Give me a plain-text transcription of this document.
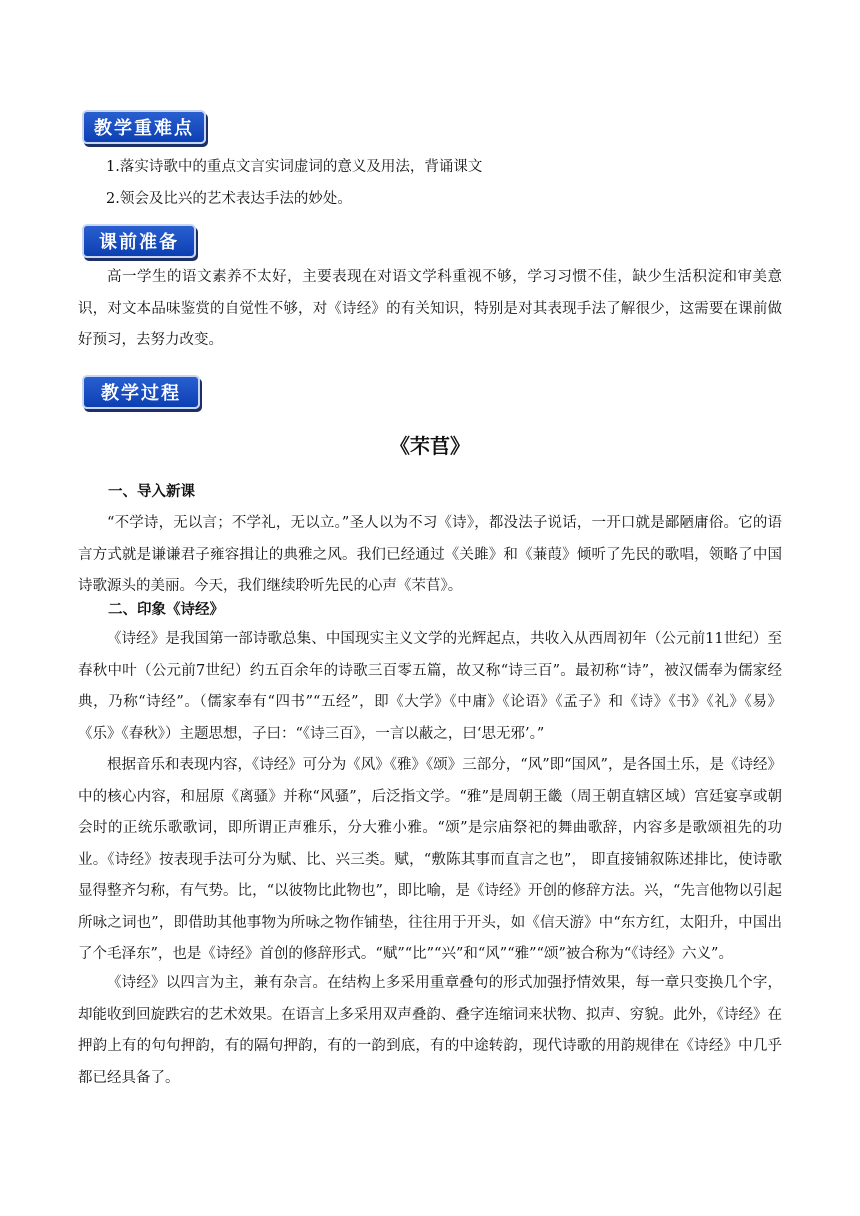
教学重难点
1.落实诗歌中的重点文言实词虚词的意义及用法，背诵课文
2.领会及比兴的艺术表达手法的妙处。
课前准备
高一学生的语文素养不太好，主要表现在对语文学科重视不够，学习习惯不佳，缺少生活积淀和审美意识，对文本品味鉴赏的自觉性不够，对《诗经》的有关知识，特别是对其表现手法了解很少，这需要在课前做好预习，去努力改变。
教学过程
《芣苢》
一、导入新课
“不学诗，无以言；不学礼，无以立。”圣人以为不习《诗》，都没法子说话，一开口就是鄙陋庸俗。它的语言方式就是谦谦君子雍容揖让的典雅之风。我们已经通过《关雎》和《蒹葭》倾听了先民的歌唱，领略了中国诗歌源头的美丽。今天，我们继续聆听先民的心声《芣苢》。
二、印象《诗经》
《诗经》是我国第一部诗歌总集、中国现实主义文学的光辉起点，共收入从西周初年（公元前11世纪）至春秋中叶（公元前7世纪）约五百余年的诗歌三百零五篇，故又称“诗三百”。最初称“诗”，被汉儒奉为儒家经典，乃称“诗经”。（儒家奉有“四书”“五经”，即《大学》《中庸》《论语》《孟子》和《诗》《书》《礼》《易》《乐》《春秋》）主题思想，子曰：“《诗三百》，一言以蔽之，曰‘思无邪’。”
根据音乐和表现内容，《诗经》可分为《风》《雅》《颂》三部分，“风”即“国风”，是各国土乐，是《诗经》中的核心内容，和屈原《离骚》并称“风骚”，后泛指文学。“雅”是周朝王畿（周王朝直辖区域）宫廷宴享或朝会时的正统乐歌歌词，即所谓正声雅乐，分大雅小雅。“颂”是宗庙祭祀的舞曲歌辞，内容多是歌颂祖先的功业。《诗经》按表现手法可分为赋、比、兴三类。赋，“敷陈其事而直言之也”， 即直接铺叙陈述排比，使诗歌显得整齐匀称，有气势。比，“以彼物比此物也”，即比喻，是《诗经》开创的修辞方法。兴，“先言他物以引起所咏之词也”，即借助其他事物为所咏之物作铺垫，往往用于开头，如《信天游》中“东方红，太阳升，中国出了个毛泽东”，也是《诗经》首创的修辞形式。“赋”“比”“兴”和“风”“雅”“颂”被合称为“《诗经》六义”。
《诗经》以四言为主，兼有杂言。在结构上多采用重章叠句的形式加强抒情效果，每一章只变换几个字，却能收到回旋跌宕的艺术效果。在语言上多采用双声叠韵、叠字连缩词来状物、拟声、穷貌。此外，《诗经》在押韵上有的句句押韵，有的隔句押韵，有的一韵到底，有的中途转韵，现代诗歌的用韵规律在《诗经》中几乎都已经具备了。
